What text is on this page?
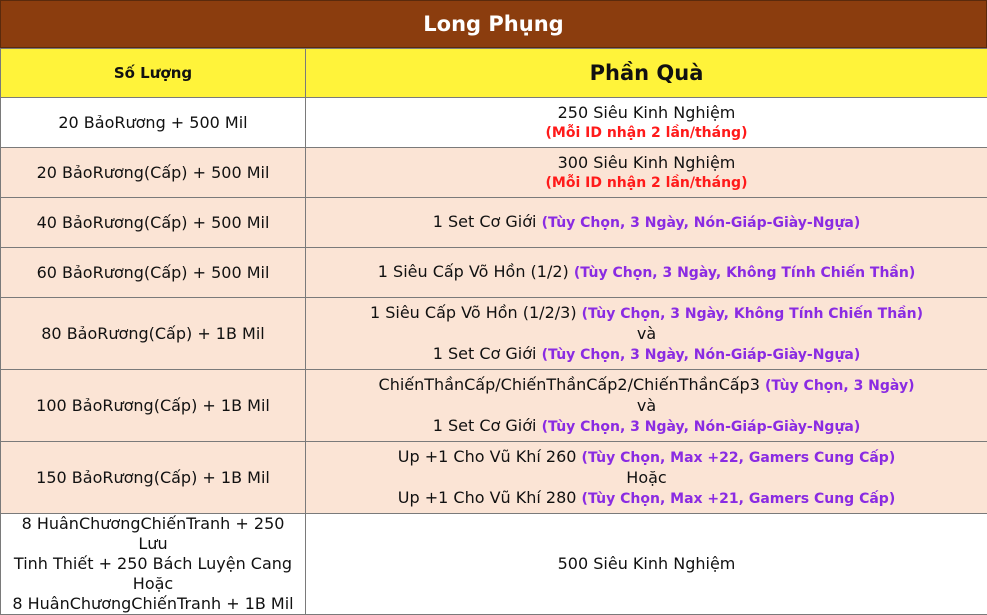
Long Phụng
Số Lượng	Phần Quà
20 BảoRương + 500 Mil	250 Siêu Kinh Nghiệm
(Mỗi ID nhận 2 lần/tháng)

20 BảoRương(Cấp) + 500 Mil	300 Siêu Kinh Nghiệm
(Mỗi ID nhận 2 lần/tháng)

40 BảoRương(Cấp) + 500 Mil	1 Set Cơ Giới (Tùy Chọn, 3 Ngày, Nón-Giáp-Giày-Ngựa)
60 BảoRương(Cấp) + 500 Mil	1 Siêu Cấp Võ Hồn (1/2) (Tùy Chọn, 3 Ngày, Không Tính Chiến Thần)
80 BảoRương(Cấp) + 1B Mil	1 Siêu Cấp Võ Hồn (1/2/3) (Tùy Chọn, 3 Ngày, Không Tính Chiến Thần)
và
1 Set Cơ Giới (Tùy Chọn, 3 Ngày, Nón-Giáp-Giày-Ngựa)

100 BảoRương(Cấp) + 1B Mil	ChiếnThầnCấp/ChiếnThầnCấp2/ChiếnThầnCấp3 (Tùy Chọn, 3 Ngày)
và
1 Set Cơ Giới (Tùy Chọn, 3 Ngày, Nón-Giáp-Giày-Ngựa)

150 BảoRương(Cấp) + 1B Mil	Up +1 Cho Vũ Khí 260 (Tùy Chọn, Max +22, Gamers Cung Cấp)
Hoặc
Up +1 Cho Vũ Khí 280 (Tùy Chọn, Max +21, Gamers Cung Cấp)

8 HuânChươngChiếnTranh + 250 Lưu
Tinh Thiết + 250 Bách Luyện Cang
Hoặc
8 HuânChươngChiếnTranh + 1B Mil	500 Siêu Kinh Nghiệm
